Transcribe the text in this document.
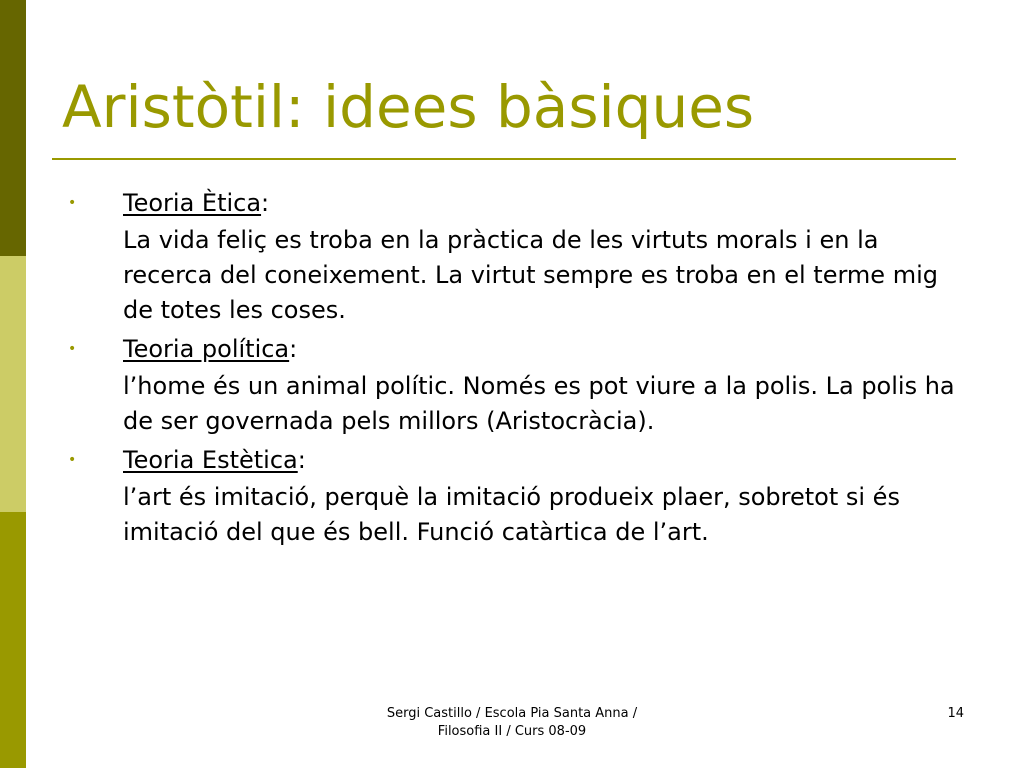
Aristòtil: idees bàsiques
• Teoria Ètica:
La vida feliç es troba en la pràctica de les virtuts morals i en la recerca del coneixement. La virtut sempre es troba en el terme mig de totes les coses.
• Teoria política:
l’home és un animal polític. Només es pot viure a la polis. La polis ha de ser governada pels millors (Aristocràcia).
• Teoria Estètica:
l’art és imitació, perquè la imitació produeix plaer, sobretot si és imitació del que és bell. Funció catàrtica de l’art.
Sergi Castillo / Escola Pia Santa Anna /
Filosofia II / Curs 08-09
14
